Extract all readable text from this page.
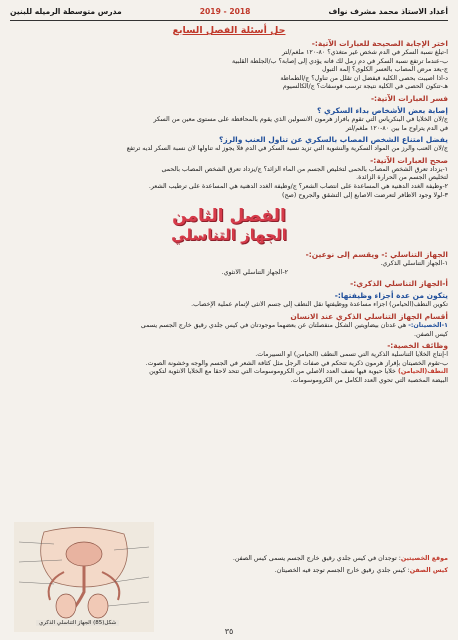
أعداد الاستاذ محمد مشرف نواف
2018 - 2019
مدرس متوسطة الرميله للبنين
حل أسئلة الفصل السابع
اختر الإجابة الصحيحة للعبارات الآتية:-
أ-تبلغ نسبة السكر في الدم شخص غير متغذي؟ ٨٠-١٢٠ ملغم/لتر
ب-عندما ترتفع نسبة السكر في دم زمل لك فانه يؤدي إلى إصابة؟ ب/الجلطة القلبية
ج-يعد مرض المصاب بالعسر الكلوي؟ إلمة التبول
د-اذا أصيبت بحصى الكلية فيفضل أن تقلل من تناول؟ ج/الطماطة
هـ-تتكون الحصى في الكلية نتيجة ترسب فوسفات؟ ج/الكالسيوم
فسر العبارات الآتية:-
إصابة بعض الأشخاص بداء السكري ؟
ج/لان الخلايا في البنكرياس التي تقوم بافراز هرمون الأنسولين الذي يقوم بالمحافظة على مستوى معين من السكر
في الدم يتراوح ما بين ٨٠-١٢٠ ملغم/لتر
يفضل امتناع الشخص المصاب بالسكري عن تناول العنب والرز؟
ج/لان العنب والرز من المواد السكرية والنشوية التي تزيد نسبة السكر في الدم فلا يجوز له تناولها لان نسبة السكر لديه ترتفع
صحح العبارات الآتية:-
١-يزداد تعرق الشخص المصاب بالحمى لتخليص الجسم من الماء الزائد؟ ج/يزداد تعرق الشخص المصاب بالحمى
لتخليص الجسم من الحرارة الزائدة.
٢-وظيفة الغدد الدهنية هي المساعدة على انتصاب الشعر؟ ج/وظيفة الغدد الدهنية هي المساعدة على ترطيب الشعر.
٣-لولا وجود الأظافر لتعرضت الأصابع إلى التشقق والجروح (صح)
الفصل الثامن
الجهاز التناسلي
الجهاز التناسلي :- ويقسم إلى نوعين:-
١-الجهاز التناسلي الذكري.
٢-الجهاز التناسلي الأنثوي.
أ-الجهاز التناسلي الذكري:-
يتكون من عدة أجزاء وظيفتها:-
تكوين النطف(الحيامن) أجزاء مساعدة ووظيفتها نقل النطف إلى جسم الأنثى لإتمام عملية الإخصاب.
أقسام الجهاز التناسلي الذكري عند الانسان
١-الخصيتان:- هي غدتان بيضاويتين الشكل منفصلتان عن بعضهما موجودتان في كيس جلدي رقيق خارج الجسم يسمى
كيس الصفن.
وظائف الخصية:-
أ-إنتاج الخلايا التناسلية الذكرية التي تسمى النطف (الحيامن) أو السبيرمات.
ب-تقوم الخصيتان بإفراز هرمون ذكرية تتحكم في صفات الرجل مثل كثافة الشعر في الجسم والوجه وخشونة الصوت.
النطف(الحيامن) خلايا حيوية فيها نصف العدد الأصلي من الكروموسومات التي تتحد لاحقا مع الخلايا الأنثوية لتكوين
البيضة المخصبة التي تحوي العدد الكامل من الكروموسومات.
موقع الخصيتين: توجدان في كيس جلدي رقيق خارج الجسم يسمى كيس الصفن.
كيس الصفن: كيس جلدي رقيق خارج الجسم توجد فيه الخصيتان.
شكل(85) الجهاز التناسلي الذكري
٣٥
